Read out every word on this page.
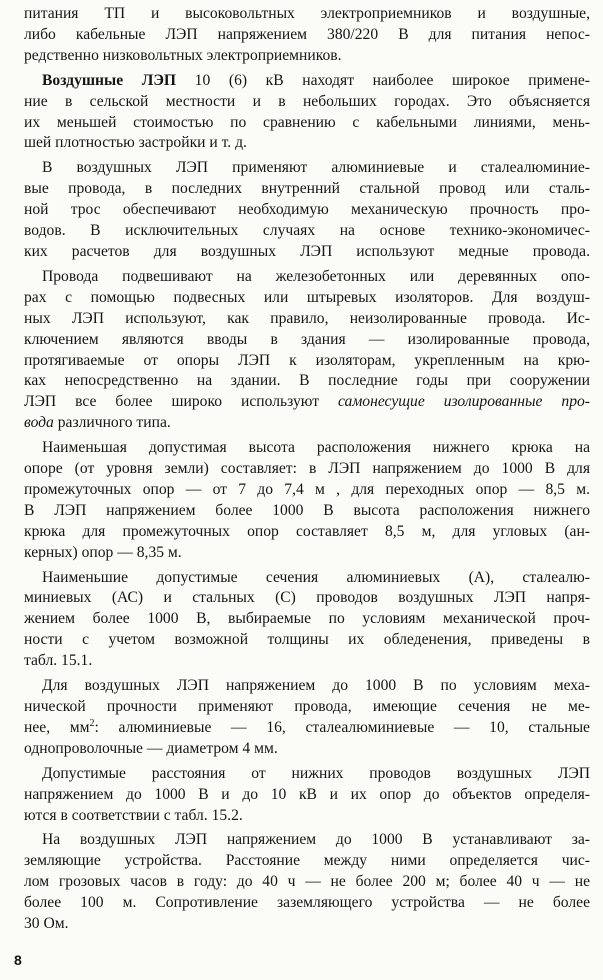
питания ТП и высоковольтных электроприемников и воздушные,
либо кабельные ЛЭП напряжением 380/220 В для питания непос-
редственно низковольтных электроприемников.
Воздушные ЛЭП 10 (6) кВ находят наиболее широкое примене-
ние в сельской местности и в небольших городах. Это объясняется
их меньшей стоимостью по сравнению с кабельными линиями, мень-
шей плотностью застройки и т. д.
В воздушных ЛЭП применяют алюминиевые и сталеалюминие-
вые провода, в последних внутренний стальной провод или сталь-
ной трос обеспечивают необходимую механическую прочность про-
водов. В исключительных случаях на основе технико-экономичес-
ких расчетов для воздушных ЛЭП используют медные провода.
Провода подвешивают на железобетонных или деревянных опо-
рах с помощью подвесных или штыревых изоляторов. Для воздуш-
ных ЛЭП используют, как правило, неизолированные провода. Ис-
ключением являются вводы в здания — изолированные провода,
протягиваемые от опоры ЛЭП к изоляторам, укрепленным на крю-
ках непосредственно на здании. В последние годы при сооружении
ЛЭП все более широко используют самонесущие изолированные про-
вода различного типа.
Наименьшая допустимая высота расположения нижнего крюка на
опоре (от уровня земли) составляет: в ЛЭП напряжением до 1000 В для
промежуточных опор — от 7 до 7,4 м , для переходных опор — 8,5 м.
В ЛЭП напряжением более 1000 В высота расположения нижнего
крюка для промежуточных опор составляет 8,5 м, для угловых (ан-
керных) опор — 8,35 м.
Наименьшие допустимые сечения алюминиевых (А), сталеалю-
миниевых (АС) и стальных (С) проводов воздушных ЛЭП напря-
жением более 1000 В, выбираемые по условиям механической проч-
ности с учетом возможной толщины их обледенения, приведены в
табл. 15.1.
Для воздушных ЛЭП напряжением до 1000 В по условиям меха-
нической прочности применяют провода, имеющие сечения не ме-
нее, $мм^2$: алюминиевые — 16, сталеалюминиевые — 10, стальные
однопроволочные — диаметром 4 мм.
Допустимые расстояния от нижних проводов воздушных ЛЭП
напряжением до 1000 В и до 10 кВ и их опор до объектов определя-
ются в соответствии с табл. 15.2.
На воздушных ЛЭП напряжением до 1000 В устанавливают за-
земляющие устройства. Расстояние между ними определяется чис-
лом грозовых часов в году: до 40 ч — не более 200 м; более 40 ч — не
более 100 м. Сопротивление заземляющего устройства — не более
30 Ом.
8
